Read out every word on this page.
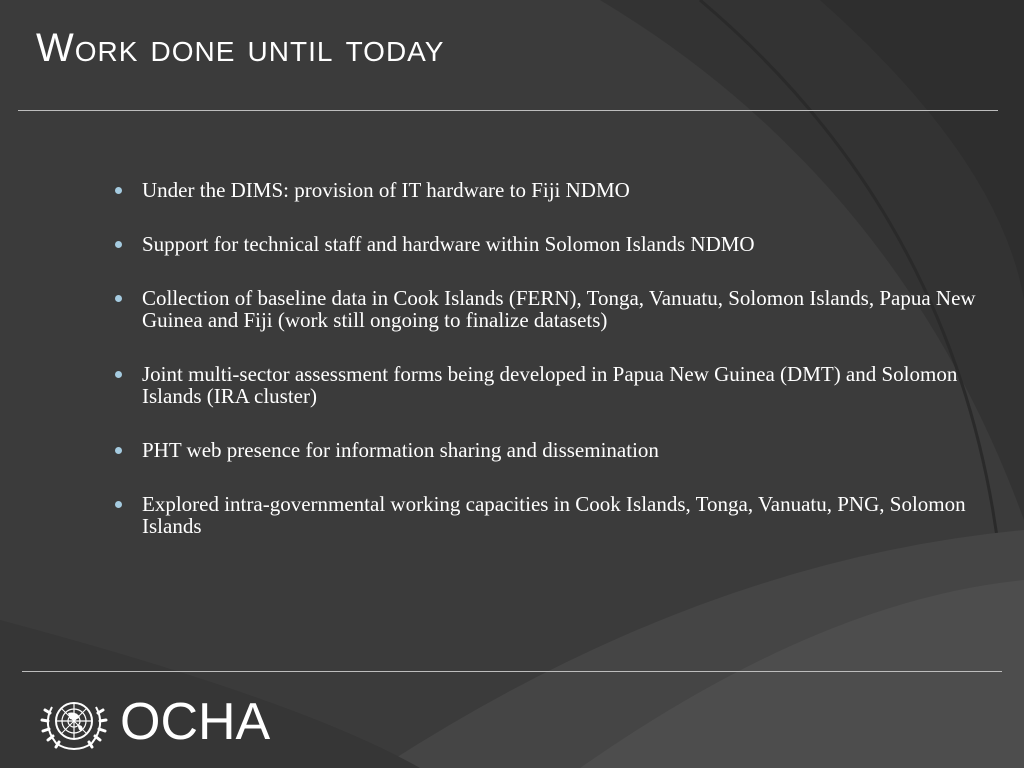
Work done until today
Under the DIMS: provision of IT hardware to Fiji NDMO
Support for technical staff and hardware within Solomon Islands NDMO
Collection of baseline data in Cook Islands (FERN), Tonga, Vanuatu, Solomon Islands, Papua New Guinea and Fiji (work still ongoing to finalize datasets)
Joint multi-sector assessment forms being developed in Papua New Guinea (DMT) and Solomon Islands (IRA cluster)
PHT web presence for information sharing and dissemination
Explored intra-governmental working capacities in Cook Islands, Tonga, Vanuatu, PNG, Solomon Islands
OCHA
